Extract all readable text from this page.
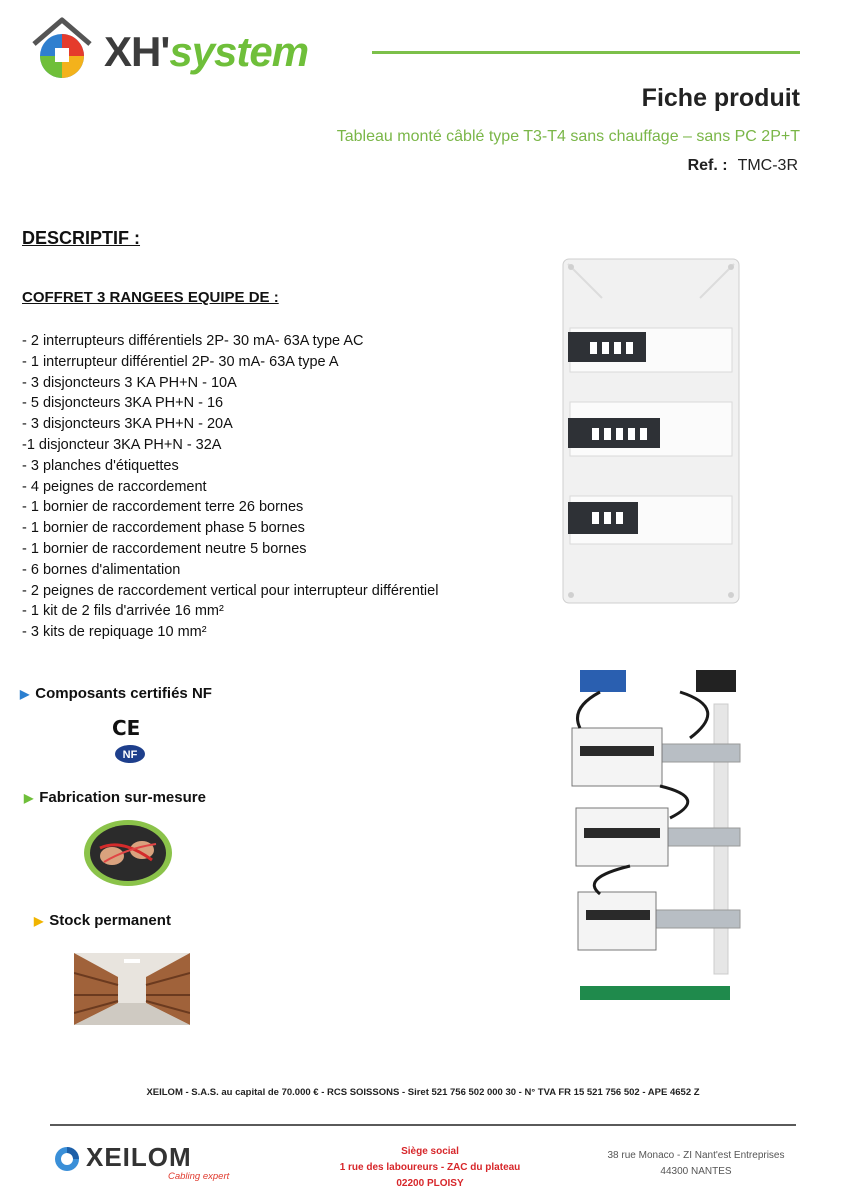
XH'system
Fiche produit
Tableau monté câblé type T3-T4 sans chauffage – sans PC 2P+T
Ref. : TMC-3R
DESCRIPTIF :
COFFRET 3 RANGEES EQUIPE DE :
- 2 interrupteurs différentiels 2P- 30 mA- 63A type AC
- 1 interrupteur différentiel 2P- 30 mA- 63A type A
- 3 disjoncteurs 3 KA PH+N - 10A
- 5 disjoncteurs 3KA PH+N - 16
- 3 disjoncteurs 3KA PH+N - 20A
-1 disjoncteur 3KA PH+N - 32A
- 3 planches d'étiquettes
- 4 peignes de raccordement
- 1 bornier de raccordement terre 26 bornes
- 1 bornier de raccordement phase 5 bornes
- 1 bornier de raccordement neutre 5 bornes
- 6 bornes d'alimentation
- 2 peignes de raccordement vertical pour interrupteur différentiel
- 1 kit de 2 fils d'arrivée 16 mm²
- 3 kits de repiquage 10 mm²
▶ Composants certifiés NF
CE
NF
▶ Fabrication sur-mesure
▶ Stock permanent
XEILOM - S.A.S. au capital de 70.000 € - RCS SOISSONS - Siret 521 756 502 000 30 - N° TVA FR 15 521 756 502 - APE 4652 Z
XEILOM
Cabling expert
Siège social
1 rue des laboureurs - ZAC du plateau
02200 PLOISY
38 rue Monaco - ZI Nant'est Entreprises
44300 NANTES
